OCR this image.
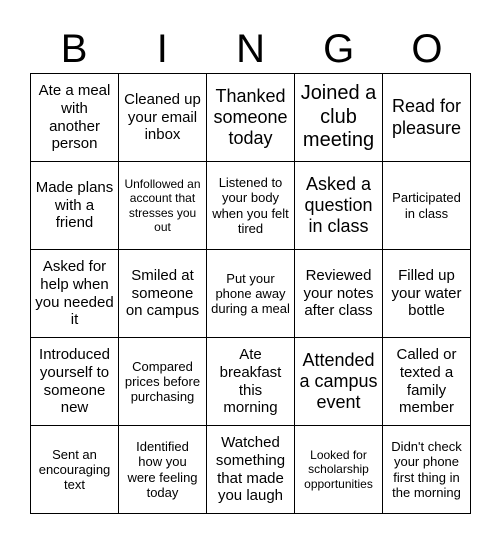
B	I	N	G	O
Ate a meal with another person
Cleaned up your email inbox
Thanked someone today
Joined a club meeting
Read for pleasure
Made plans with a friend
Unfollowed an account that stresses you out
Listened to your body when you felt tired
Asked a question in class
Participated in class
Asked for help when you needed it
Smiled at someone on campus
Put your phone away during a meal
Reviewed your notes after class
Filled up your water bottle
Introduced yourself to someone new
Compared prices before purchasing
Ate breakfast this morning
Attended a campus event
Called or texted a family member
Sent an encouraging text
Identified how you were feeling today
Watched something that made you laugh
Looked for scholarship opportunities
Didn't check your phone first thing in the morning
